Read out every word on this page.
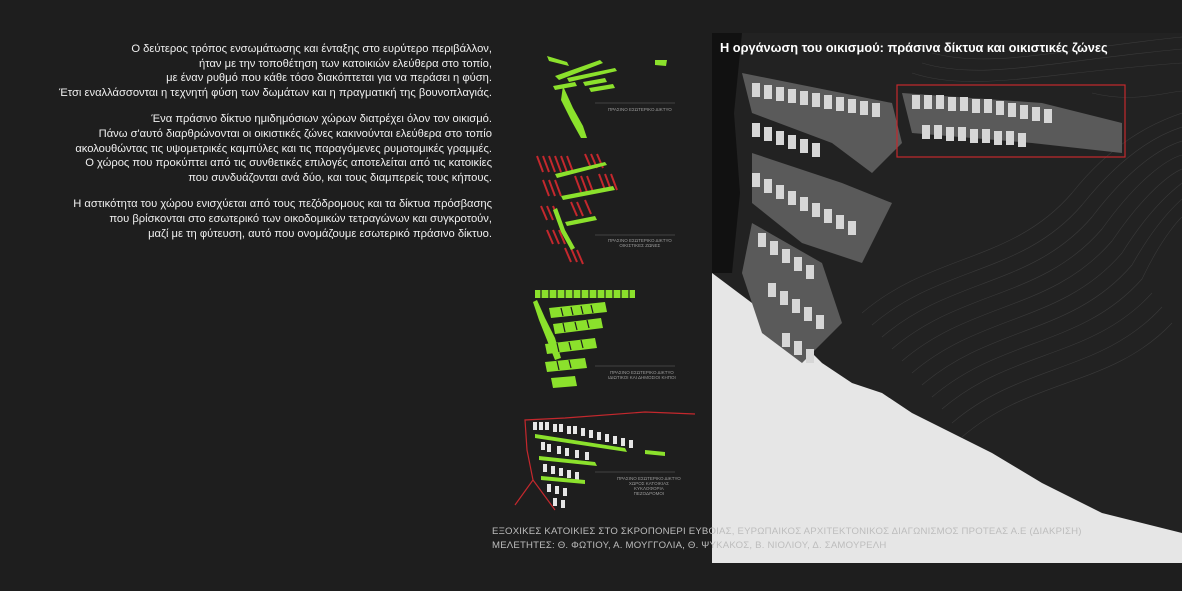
Ο δεύτερος τρόπος ενσωμάτωσης και ένταξης στο ευρύτερο περιβάλλον,
ήταν με την τοποθέτηση των κατοικιών ελεύθερα στο τοπίο,
με έναν ρυθμό που κάθε τόσο διακόπτεται για να περάσει η φύση.
Έτσι εναλλάσσονται η τεχνητή φύση των δωμάτων και η πραγματική της βουνοπλαγιάς.

Ένα πράσινο δίκτυο ημιδημόσιων χώρων διατρέχει όλον τον οικισμό.
Πάνω σ'αυτό διαρθρώνονται οι οικιστικές ζώνες κακινούνται ελεύθερα στο τοπίο
ακολουθώντας τις υψομετρικές καμπύλες και τις παραγόμενες ρυμοτομικές γραμμές.
Ο χώρος που προκύπτει από τις συνθετικές επιλογές αποτελείται από τις κατοικίες
που συνδυάζονται ανά δύο, και τους διαμπερείς τους κήπους.

Η αστικότητα του χώρου ενισχύεται από τους πεζόδρομους και τα δίκτυα πρόσβασης
που βρίσκονται στο εσωτερικό των οικοδομικών τετραγώνων και συγκροτούν,
μαζί με τη φύτευση, αυτό που ονομάζουμε εσωτερικό πράσινο δίκτυο.

ΠΡΑΣΙΝΟ ΕΣΩΤΕΡΙΚΟ ΔΙΚΤΥΟ
ΠΡΑΣΙΝΟ ΕΣΩΤΕΡΙΚΟ ΔΙΚΤΥΟ
ΟΙΚΙΣΤΙΚΕΣ ΖΩΝΕΣ
ΠΡΑΣΙΝΟ ΕΣΩΤΕΡΙΚΟ ΔΙΚΤΥΟ
ΙΔΙΩΤΙΚΟΙ ΚΑΙ ΔΗΜΟΣΙΟΙ ΚΗΠΟΙ
ΠΡΑΣΙΝΟ ΕΣΩΤΕΡΙΚΟ ΔΙΚΤΥΟ
ΧΩΡΟΣ ΚΑΤΟΙΚΙΑΣ
ΚΥΚΛΟΦΟΡΙΑ
ΠΕΖΟΔΡΟΜΟΙ
Η οργάνωση του οικισμού: πράσινα δίκτυα και οικιστικές ζώνες
ΕΞΟΧΙΚΕΣ ΚΑΤΟΙΚΙΕΣ ΣΤΟ ΣΚΡΟΠΟΝΕΡΙ ΕΥΒΟΙΑΣ, ΕΥΡΩΠΑΙΚΟΣ ΑΡΧΙΤΕΚΤΟΝΙΚΟΣ ΔΙΑΓΩΝΙΣΜΟΣ ΠΡΟΤΕΑΣ Α.Ε (ΔΙΑΚΡΙΣΗ)
ΜΕΛΕΤΗΤΕΣ: Θ. ΦΩΤΙΟΥ, Α. ΜΟΥΓΓΟΛΙΑ, Θ. ΨΥΚΑΚΟΣ, Β. ΝΙΟΛΙΟΥ, Δ. ΣΑΜΟΥΡΕΛΗ
